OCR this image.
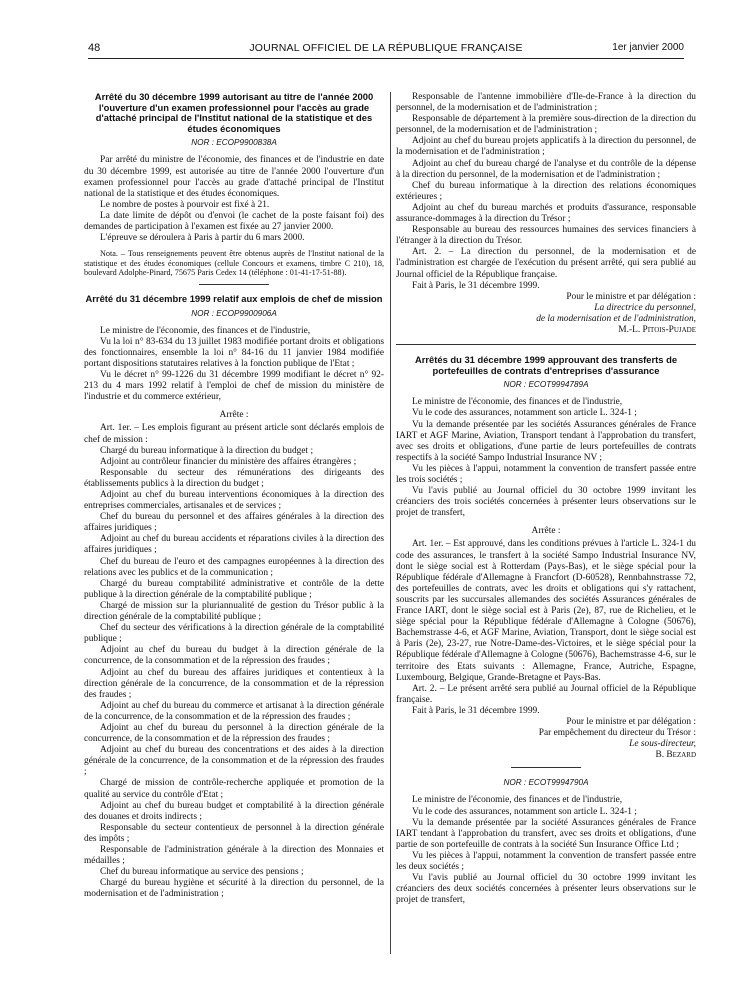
48	JOURNAL OFFICIEL DE LA RÉPUBLIQUE FRANÇAISE	1er janvier 2000
Arrêté du 30 décembre 1999 autorisant au titre de l'année 2000 l'ouverture d'un examen professionnel pour l'accès au grade d'attaché principal de l'Institut national de la statistique et des études économiques
NOR : ECOP9900838A

Par arrêté du ministre de l'économie, des finances et de l'industrie en date du 30 décembre 1999, est autorisée au titre de l'année 2000 l'ouverture d'un examen professionnel pour l'accès au grade d'attaché principal de l'Institut national de la statistique et des études économiques.

Le nombre de postes à pourvoir est fixé à 21.

La date limite de dépôt ou d'envoi (le cachet de la poste faisant foi) des demandes de participation à l'examen est fixée au 27 janvier 2000.

L'épreuve se déroulera à Paris à partir du 6 mars 2000.

Nota. – Tous renseignements peuvent être obtenus auprès de l'Institut national de la statistique et des études économiques (cellule Concours et examens, timbre C 210), 18, boulevard Adolphe-Pinard, 75675 Paris Cedex 14 (téléphone : 01-41-17-51-88).

Arrêté du 31 décembre 1999 relatif aux emplois de chef de mission
NOR : ECOP9900906A

Le ministre de l'économie, des finances et de l'industrie,

Vu la loi n° 83-634 du 13 juillet 1983 modifiée portant droits et obligations des fonctionnaires, ensemble la loi n° 84-16 du 11 janvier 1984 modifiée portant dispositions statutaires relatives à la fonction publique de l'Etat ;

Vu le décret n° 99-1226 du 31 décembre 1999 modifiant le décret n° 92-213 du 4 mars 1992 relatif à l'emploi de chef de mission du ministère de l'industrie et du commerce extérieur,

Arrête :

Art. 1er. – Les emplois figurant au présent article sont déclarés emplois de chef de mission :

Chargé du bureau informatique à la direction du budget ;

Adjoint au contrôleur financier du ministère des affaires étrangères ;

Responsable du secteur des rémunérations des dirigeants des établissements publics à la direction du budget ;

Adjoint au chef du bureau interventions économiques à la direction des entreprises commerciales, artisanales et de services ;

Chef du bureau du personnel et des affaires générales à la direction des affaires juridiques ;

Adjoint au chef du bureau accidents et réparations civiles à la direction des affaires juridiques ;

Chef du bureau de l'euro et des campagnes européennes à la direction des relations avec les publics et de la communication ;

Chargé du bureau comptabilité administrative et contrôle de la dette publique à la direction générale de la comptabilité publique ;

Chargé de mission sur la pluriannualité de gestion du Trésor public à la direction générale de la comptabilité publique ;

Chef du secteur des vérifications à la direction générale de la comptabilité publique ;

Adjoint au chef du bureau du budget à la direction générale de la concurrence, de la consommation et de la répression des fraudes ;

Adjoint au chef du bureau des affaires juridiques et contentieux à la direction générale de la concurrence, de la consommation et de la répression des fraudes ;

Adjoint au chef du bureau du commerce et artisanat à la direction générale de la concurrence, de la consommation et de la répression des fraudes ;

Adjoint au chef du bureau du personnel à la direction générale de la concurrence, de la consommation et de la répression des fraudes ;

Adjoint au chef du bureau des concentrations et des aides à la direction générale de la concurrence, de la consommation et de la répression des fraudes ;

Chargé de mission de contrôle-recherche appliquée et promotion de la qualité au service du contrôle d'Etat ;

Adjoint au chef du bureau budget et comptabilité à la direction générale des douanes et droits indirects ;

Responsable du secteur contentieux de personnel à la direction générale des impôts ;

Responsable de l'administration générale à la direction des Monnaies et médailles ;

Chef du bureau informatique au service des pensions ;

Chargé du bureau hygiène et sécurité à la direction du personnel, de la modernisation et de l'administration ;

Responsable de l'antenne immobilière d'Ile-de-France à la direction du personnel, de la modernisation et de l'administration ;

Responsable de département à la première sous-direction de la direction du personnel, de la modernisation et de l'administration ;

Adjoint au chef du bureau projets applicatifs à la direction du personnel, de la modernisation et de l'administration ;

Adjoint au chef du bureau chargé de l'analyse et du contrôle de la dépense à la direction du personnel, de la modernisation et de l'administration ;

Chef du bureau informatique à la direction des relations économiques extérieures ;

Adjoint au chef du bureau marchés et produits d'assurance, responsable assurance-dommages à la direction du Trésor ;

Responsable au bureau des ressources humaines des services financiers à l'étranger à la direction du Trésor.

Art. 2. – La direction du personnel, de la modernisation et de l'administration est chargée de l'exécution du présent arrêté, qui sera publié au Journal officiel de la République française.

Fait à Paris, le 31 décembre 1999.

Pour le ministre et par délégation :

La directrice du personnel,

de la modernisation et de l'administration,

M.-L. Pitois-Pujade

Arrêtés du 31 décembre 1999 approuvant des transferts de portefeuilles de contrats d'entreprises d'assurance
NOR : ECOT9994789A

Le ministre de l'économie, des finances et de l'industrie,

Vu le code des assurances, notamment son article L. 324-1 ;

Vu la demande présentée par les sociétés Assurances générales de France IART et AGF Marine, Aviation, Transport tendant à l'approbation du transfert, avec ses droits et obligations, d'une partie de leurs portefeuilles de contrats respectifs à la société Sampo Industrial Insurance NV ;

Vu les pièces à l'appui, notamment la convention de transfert passée entre les trois sociétés ;

Vu l'avis publié au Journal officiel du 30 octobre 1999 invitant les créanciers des trois sociétés concernées à présenter leurs observations sur le projet de transfert,

Arrête :

Art. 1er. – Est approuvé, dans les conditions prévues à l'article L. 324-1 du code des assurances, le transfert à la société Sampo Industrial Insurance NV, dont le siège social est à Rotterdam (Pays-Bas), et le siège spécial pour la République fédérale d'Allemagne à Francfort (D-60528), Rennbahnstrasse 72, des portefeuilles de contrats, avec les droits et obligations qui s'y rattachent, souscrits par les succursales allemandes des sociétés Assurances générales de France IART, dont le siège social est à Paris (2e), 87, rue de Richelieu, et le siège spécial pour la République fédérale d'Allemagne à Cologne (50676), Bachemstrasse 4-6, et AGF Marine, Aviation, Transport, dont le siège social est à Paris (2e), 23-27, rue Notre-Dame-des-Victoires, et le siège spécial pour la République fédérale d'Allemagne à Cologne (50676), Bachemstrasse 4-6, sur le territoire des Etats suivants : Allemagne, France, Autriche, Espagne, Luxembourg, Belgique, Grande-Bretagne et Pays-Bas.

Art. 2. – Le présent arrêté sera publié au Journal officiel de la République française.

Fait à Paris, le 31 décembre 1999.

Pour le ministre et par délégation :

Par empêchement du directeur du Trésor :

Le sous-directeur,

B. Bezard

NOR : ECOT9994790A

Le ministre de l'économie, des finances et de l'industrie,

Vu le code des assurances, notamment son article L. 324-1 ;

Vu la demande présentée par la société Assurances générales de France IART tendant à l'approbation du transfert, avec ses droits et obligations, d'une partie de son portefeuille de contrats à la société Sun Insurance Office Ltd ;

Vu les pièces à l'appui, notamment la convention de transfert passée entre les deux sociétés ;

Vu l'avis publié au Journal officiel du 30 octobre 1999 invitant les créanciers des deux sociétés concernées à présenter leurs observations sur le projet de transfert,
